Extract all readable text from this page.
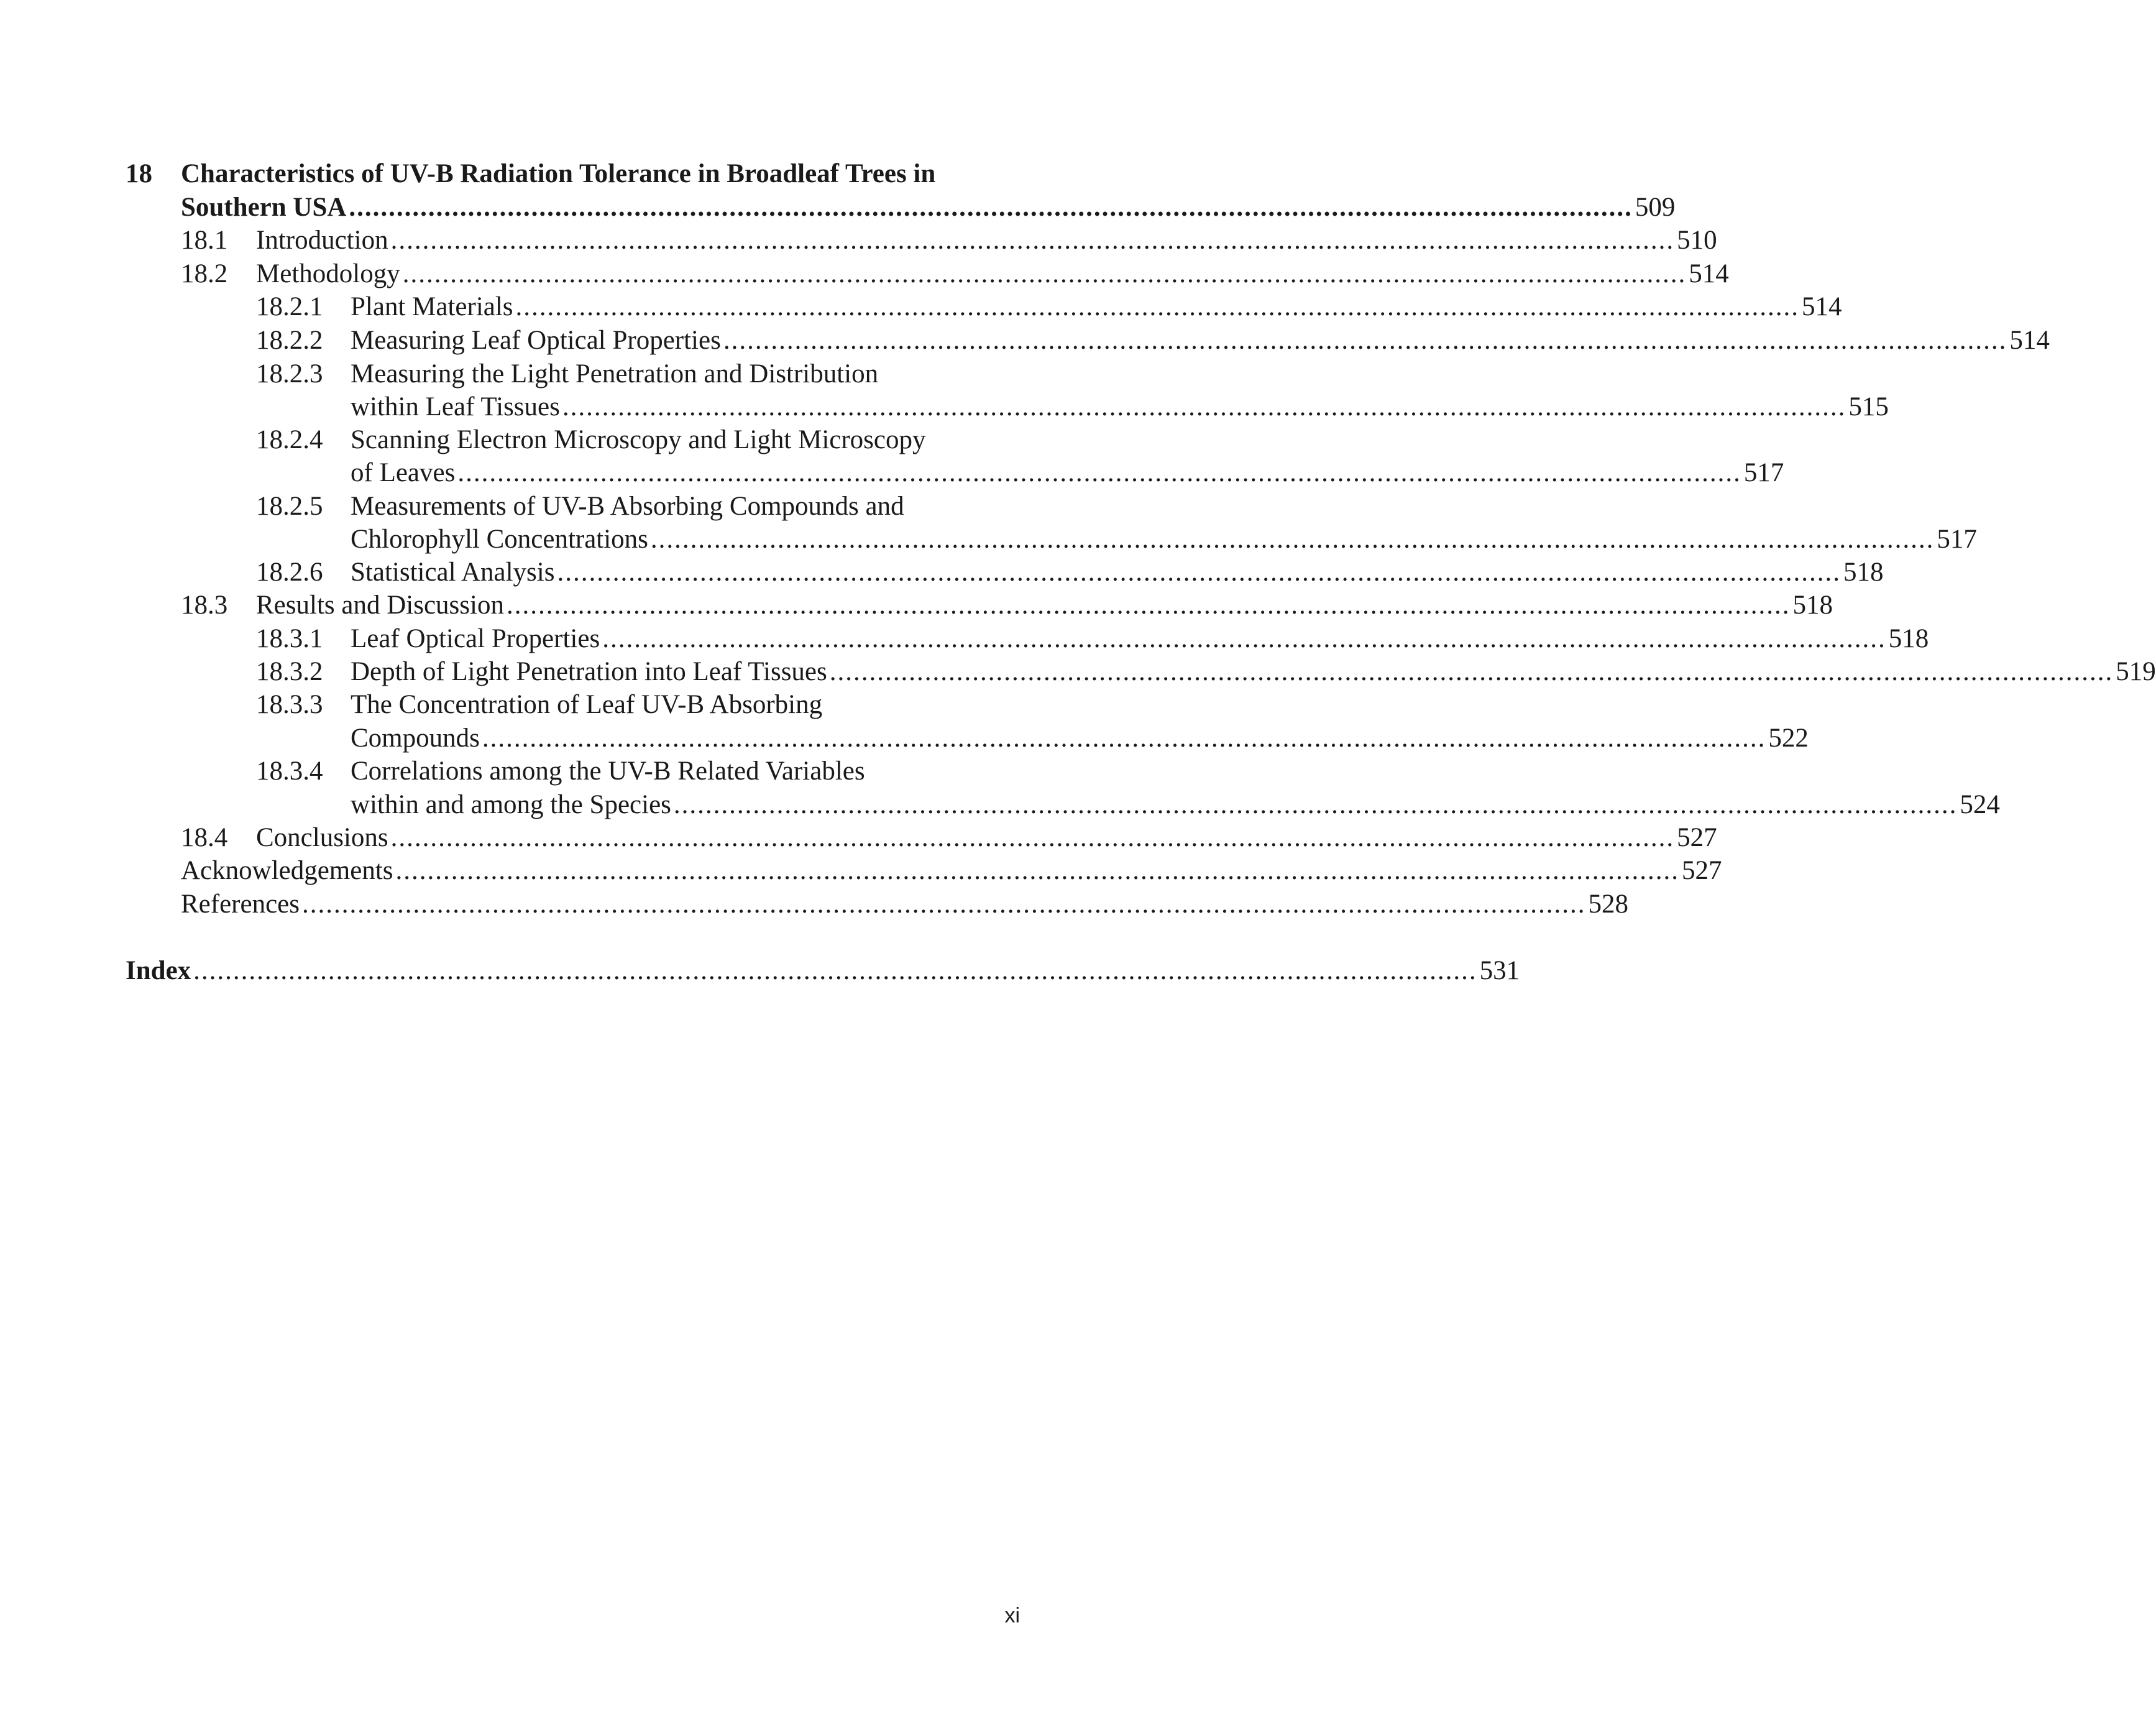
18 Characteristics of UV-B Radiation Tolerance in Broadleaf Trees in
Southern USA .................................................................................................................................................................. 509
18.1 Introduction .................................................................................................................................................................. 510
18.2 Methodology .................................................................................................................................................................. 514
18.2.1 Plant Materials .................................................................................................................................................................. 514
18.2.2 Measuring Leaf Optical Properties .................................................................................................................................................................. 514
18.2.3 Measuring the Light Penetration and Distribution
within Leaf Tissues .................................................................................................................................................................. 515
18.2.4 Scanning Electron Microscopy and Light Microscopy
of Leaves .................................................................................................................................................................. 517
18.2.5 Measurements of UV-B Absorbing Compounds and
Chlorophyll Concentrations .................................................................................................................................................................. 517
18.2.6 Statistical Analysis .................................................................................................................................................................. 518
18.3 Results and Discussion .................................................................................................................................................................. 518
18.3.1 Leaf Optical Properties .................................................................................................................................................................. 518
18.3.2 Depth of Light Penetration into Leaf Tissues .................................................................................................................................................................. 519
18.3.3 The Concentration of Leaf UV-B Absorbing
Compounds .................................................................................................................................................................. 522
18.3.4 Correlations among the UV-B Related Variables
within and among the Species .................................................................................................................................................................. 524
18.4 Conclusions .................................................................................................................................................................. 527
Acknowledgements .................................................................................................................................................................. 527
References .................................................................................................................................................................. 528
Index .................................................................................................................................................................. 531
xi
